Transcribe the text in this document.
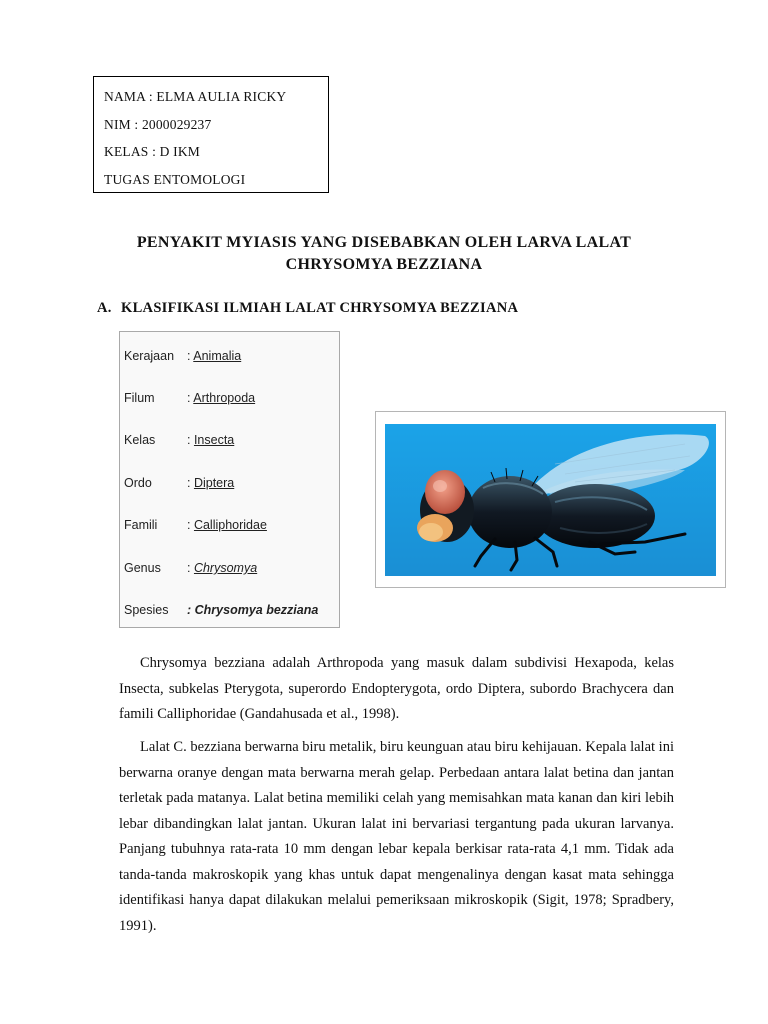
NAMA : ELMA AULIA RICKY
NIM : 2000029237
KELAS : D IKM
TUGAS ENTOMOLOGI
PENYAKIT MYIASIS YANG DISEBABKAN OLEH LARVA LALAT
CHRYSOMYA BEZZIANA
A. KLASIFIKASI ILMIAH LALAT CHRYSOMYA BEZZIANA
Kerajaan : Animalia
Filum	: Arthropoda
Kelas	: Insecta
Ordo	: Diptera
Famili : Calliphoridae
Genus : Chrysomya
Spesies : Chrysomya bezziana

Chrysomya bezziana adalah Arthropoda yang masuk dalam subdivisi Hexapoda, kelas Insecta, subkelas Pterygota, superordo Endopterygota, ordo Diptera, subordo Brachycera dan famili Calliphoridae (Gandahusada et al., 1998).

Lalat C. bezziana berwarna biru metalik, biru keunguan atau biru kehijauan. Kepala lalat ini berwarna oranye dengan mata berwarna merah gelap. Perbedaan antara lalat betina dan jantan terletak pada matanya. Lalat betina memiliki celah yang memisahkan mata kanan dan kiri lebih lebar dibandingkan lalat jantan. Ukuran lalat ini bervariasi tergantung pada ukuran larvanya. Panjang tubuhnya rata-rata 10 mm dengan lebar kepala berkisar rata-rata 4,1 mm. Tidak ada tanda-tanda makroskopik yang khas untuk dapat mengenalinya dengan kasat mata sehingga identifikasi hanya dapat dilakukan melalui pemeriksaan mikroskopik (Sigit, 1978; Spradbery, 1991).
